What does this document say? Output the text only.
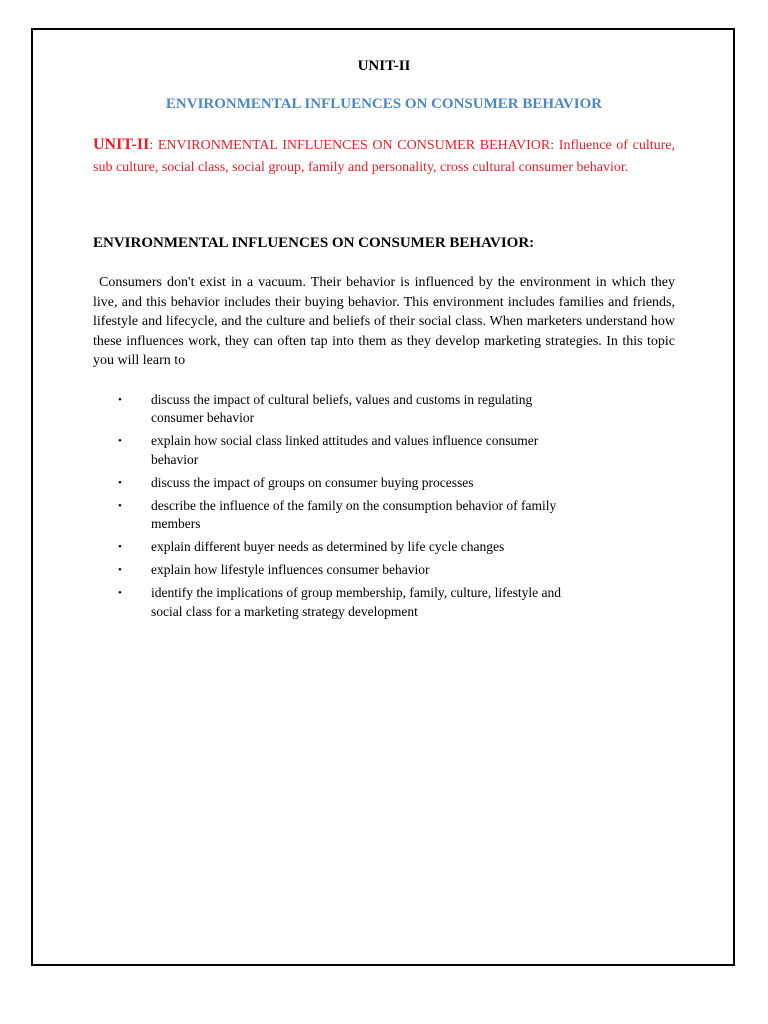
UNIT-II
ENVIRONMENTAL INFLUENCES ON CONSUMER BEHAVIOR

UNIT-II: ENVIRONMENTAL INFLUENCES ON CONSUMER BEHAVIOR: Influence of culture, sub culture, social class, social group, family and personality, cross cultural consumer behavior.

ENVIRONMENTAL INFLUENCES ON CONSUMER BEHAVIOR:

Consumers don't exist in a vacuum. Their behavior is influenced by the environment in which they live, and this behavior includes their buying behavior. This environment includes families and friends, lifestyle and lifecycle, and the culture and beliefs of their social class. When marketers understand how these influences work, they can often tap into them as they develop marketing strategies. In this topic you will learn to

• discuss the impact of cultural beliefs, values and customs in regulating consumer behavior
• explain how social class linked attitudes and values influence consumer behavior
• discuss the impact of groups on consumer buying processes
• describe the influence of the family on the consumption behavior of family members
• explain different buyer needs as determined by life cycle changes
• explain how lifestyle influences consumer behavior
• identify the implications of group membership, family, culture, lifestyle and social class for a marketing strategy development
